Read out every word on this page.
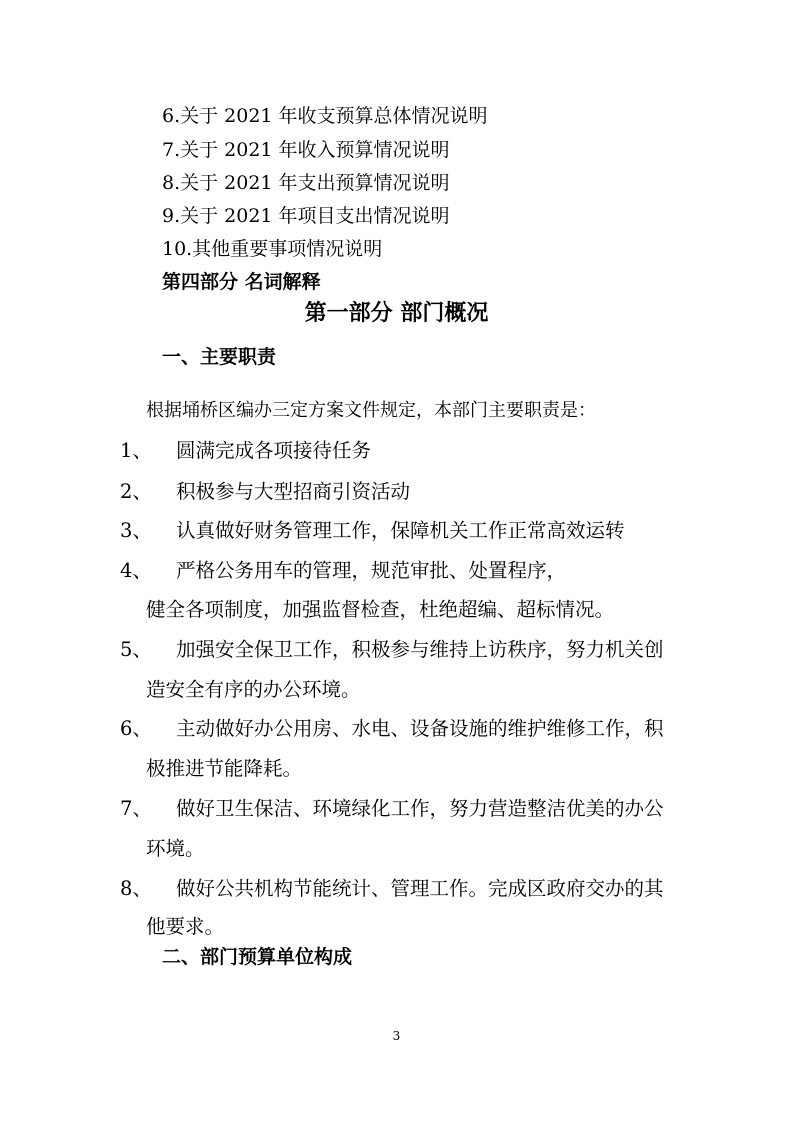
6.关于 2021 年收支预算总体情况说明
7.关于 2021 年收入预算情况说明
8.关于 2021 年支出预算情况说明
9.关于 2021 年项目支出情况说明
10.其他重要事项情况说明
第四部分 名词解释
第一部分 部门概况
一、主要职责
根据埇桥区编办三定方案文件规定，本部门主要职责是：
1、 圆满完成各项接待任务
2、 积极参与大型招商引资活动
3、 认真做好财务管理工作，保障机关工作正常高效运转
4、 严格公务用车的管理，规范审批、处置程序，
健全各项制度，加强监督检查，杜绝超编、超标情况。
5、 加强安全保卫工作，积极参与维持上访秩序，努力机关创
造安全有序的办公环境。
6、 主动做好办公用房、水电、设备设施的维护维修工作，积
极推进节能降耗。
7、 做好卫生保洁、环境绿化工作，努力营造整洁优美的办公
环境。
8、 做好公共机构节能统计、管理工作。完成区政府交办的其
他要求。
二、部门预算单位构成
3
